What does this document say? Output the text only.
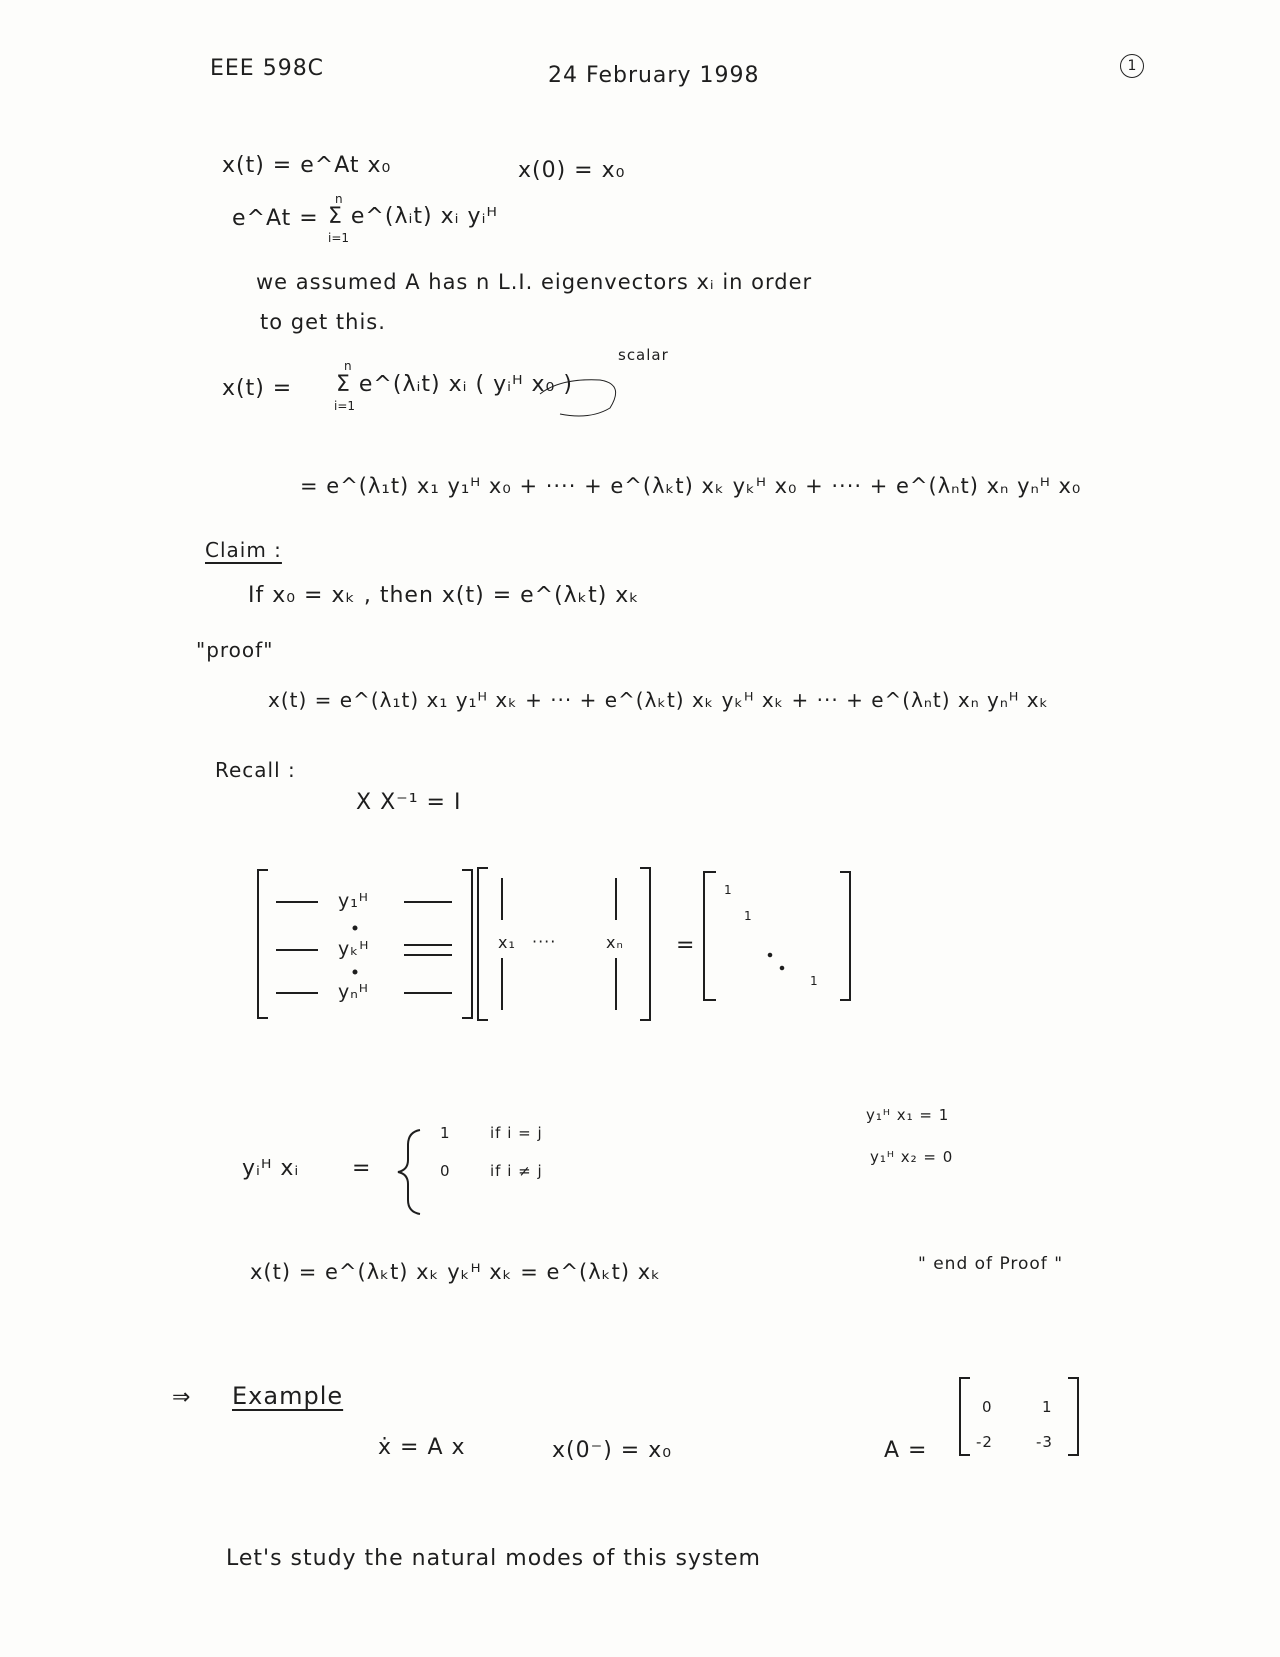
EEE 598C	24 February 1998	1
x(t) = e^At x₀	x(0) = x₀
e^At =
n
Σ e^(λᵢt) xᵢ yᵢᴴ
i=1
we assumed A has n L.I. eigenvectors xᵢ in order
to get this.
scalar
x(t) =
n
Σ e^(λᵢt) xᵢ ( yᵢᴴ x₀ )
i=1
= e^(λ₁t) x₁ y₁ᴴ x₀ + ···· + e^(λₖt) xₖ yₖᴴ x₀ + ···· + e^(λₙt) xₙ yₙᴴ x₀
Claim :
If x₀ = xₖ , then x(t) = e^(λₖt) xₖ
"proof"
x(t) = e^(λ₁t) x₁ y₁ᴴ xₖ + ··· + e^(λₖt) xₖ yₖᴴ xₖ + ··· + e^(λₙt) xₙ yₙᴴ xₖ
Recall :
X X⁻¹ = I
y₁ᴴ
yₖᴴ
yₙᴴ
x₁ ····	xₙ =
1
1
1
yᵢᴴ xᵢ =
1	if i = j
0	if i ≠ j
y₁ᴴ x₁ = 1
y₁ᴴ x₂ = 0
x(t) = e^(λₖt) xₖ yₖᴴ xₖ = e^(λₖt) xₖ	" end of Proof "
⇒ Example
ẋ = A x	x(0⁻) = x₀	A =
0	1
-2	-3
Let's study the natural modes of this system
